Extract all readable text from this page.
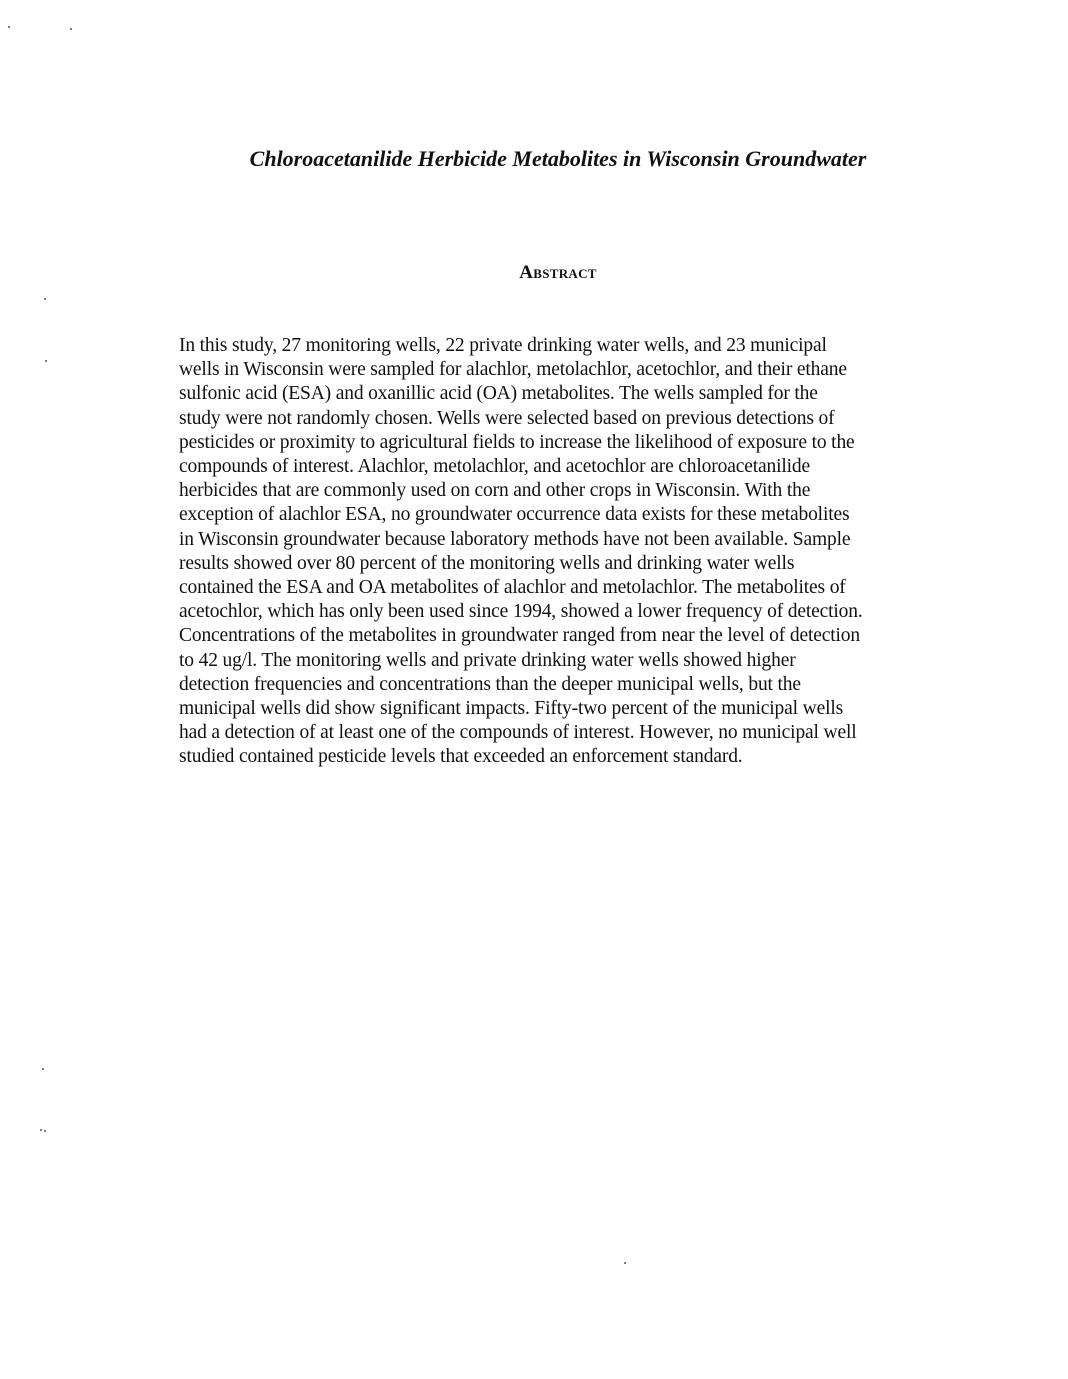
Chloroacetanilide Herbicide Metabolites in Wisconsin Groundwater
Abstract
In this study, 27 monitoring wells, 22 private drinking water wells, and 23 municipal
wells in Wisconsin were sampled for alachlor, metolachlor, acetochlor, and their ethane
sulfonic acid (ESA) and oxanillic acid (OA) metabolites. The wells sampled for the
study were not randomly chosen. Wells were selected based on previous detections of
pesticides or proximity to agricultural fields to increase the likelihood of exposure to the
compounds of interest. Alachlor, metolachlor, and acetochlor are chloroacetanilide
herbicides that are commonly used on corn and other crops in Wisconsin. With the
exception of alachlor ESA, no groundwater occurrence data exists for these metabolites
in Wisconsin groundwater because laboratory methods have not been available. Sample
results showed over 80 percent of the monitoring wells and drinking water wells
contained the ESA and OA metabolites of alachlor and metolachlor. The metabolites of
acetochlor, which has only been used since 1994, showed a lower frequency of detection.
Concentrations of the metabolites in groundwater ranged from near the level of detection
to 42 ug/l. The monitoring wells and private drinking water wells showed higher
detection frequencies and concentrations than the deeper municipal wells, but the
municipal wells did show significant impacts. Fifty-two percent of the municipal wells
had a detection of at least one of the compounds of interest. However, no municipal well
studied contained pesticide levels that exceeded an enforcement standard.
